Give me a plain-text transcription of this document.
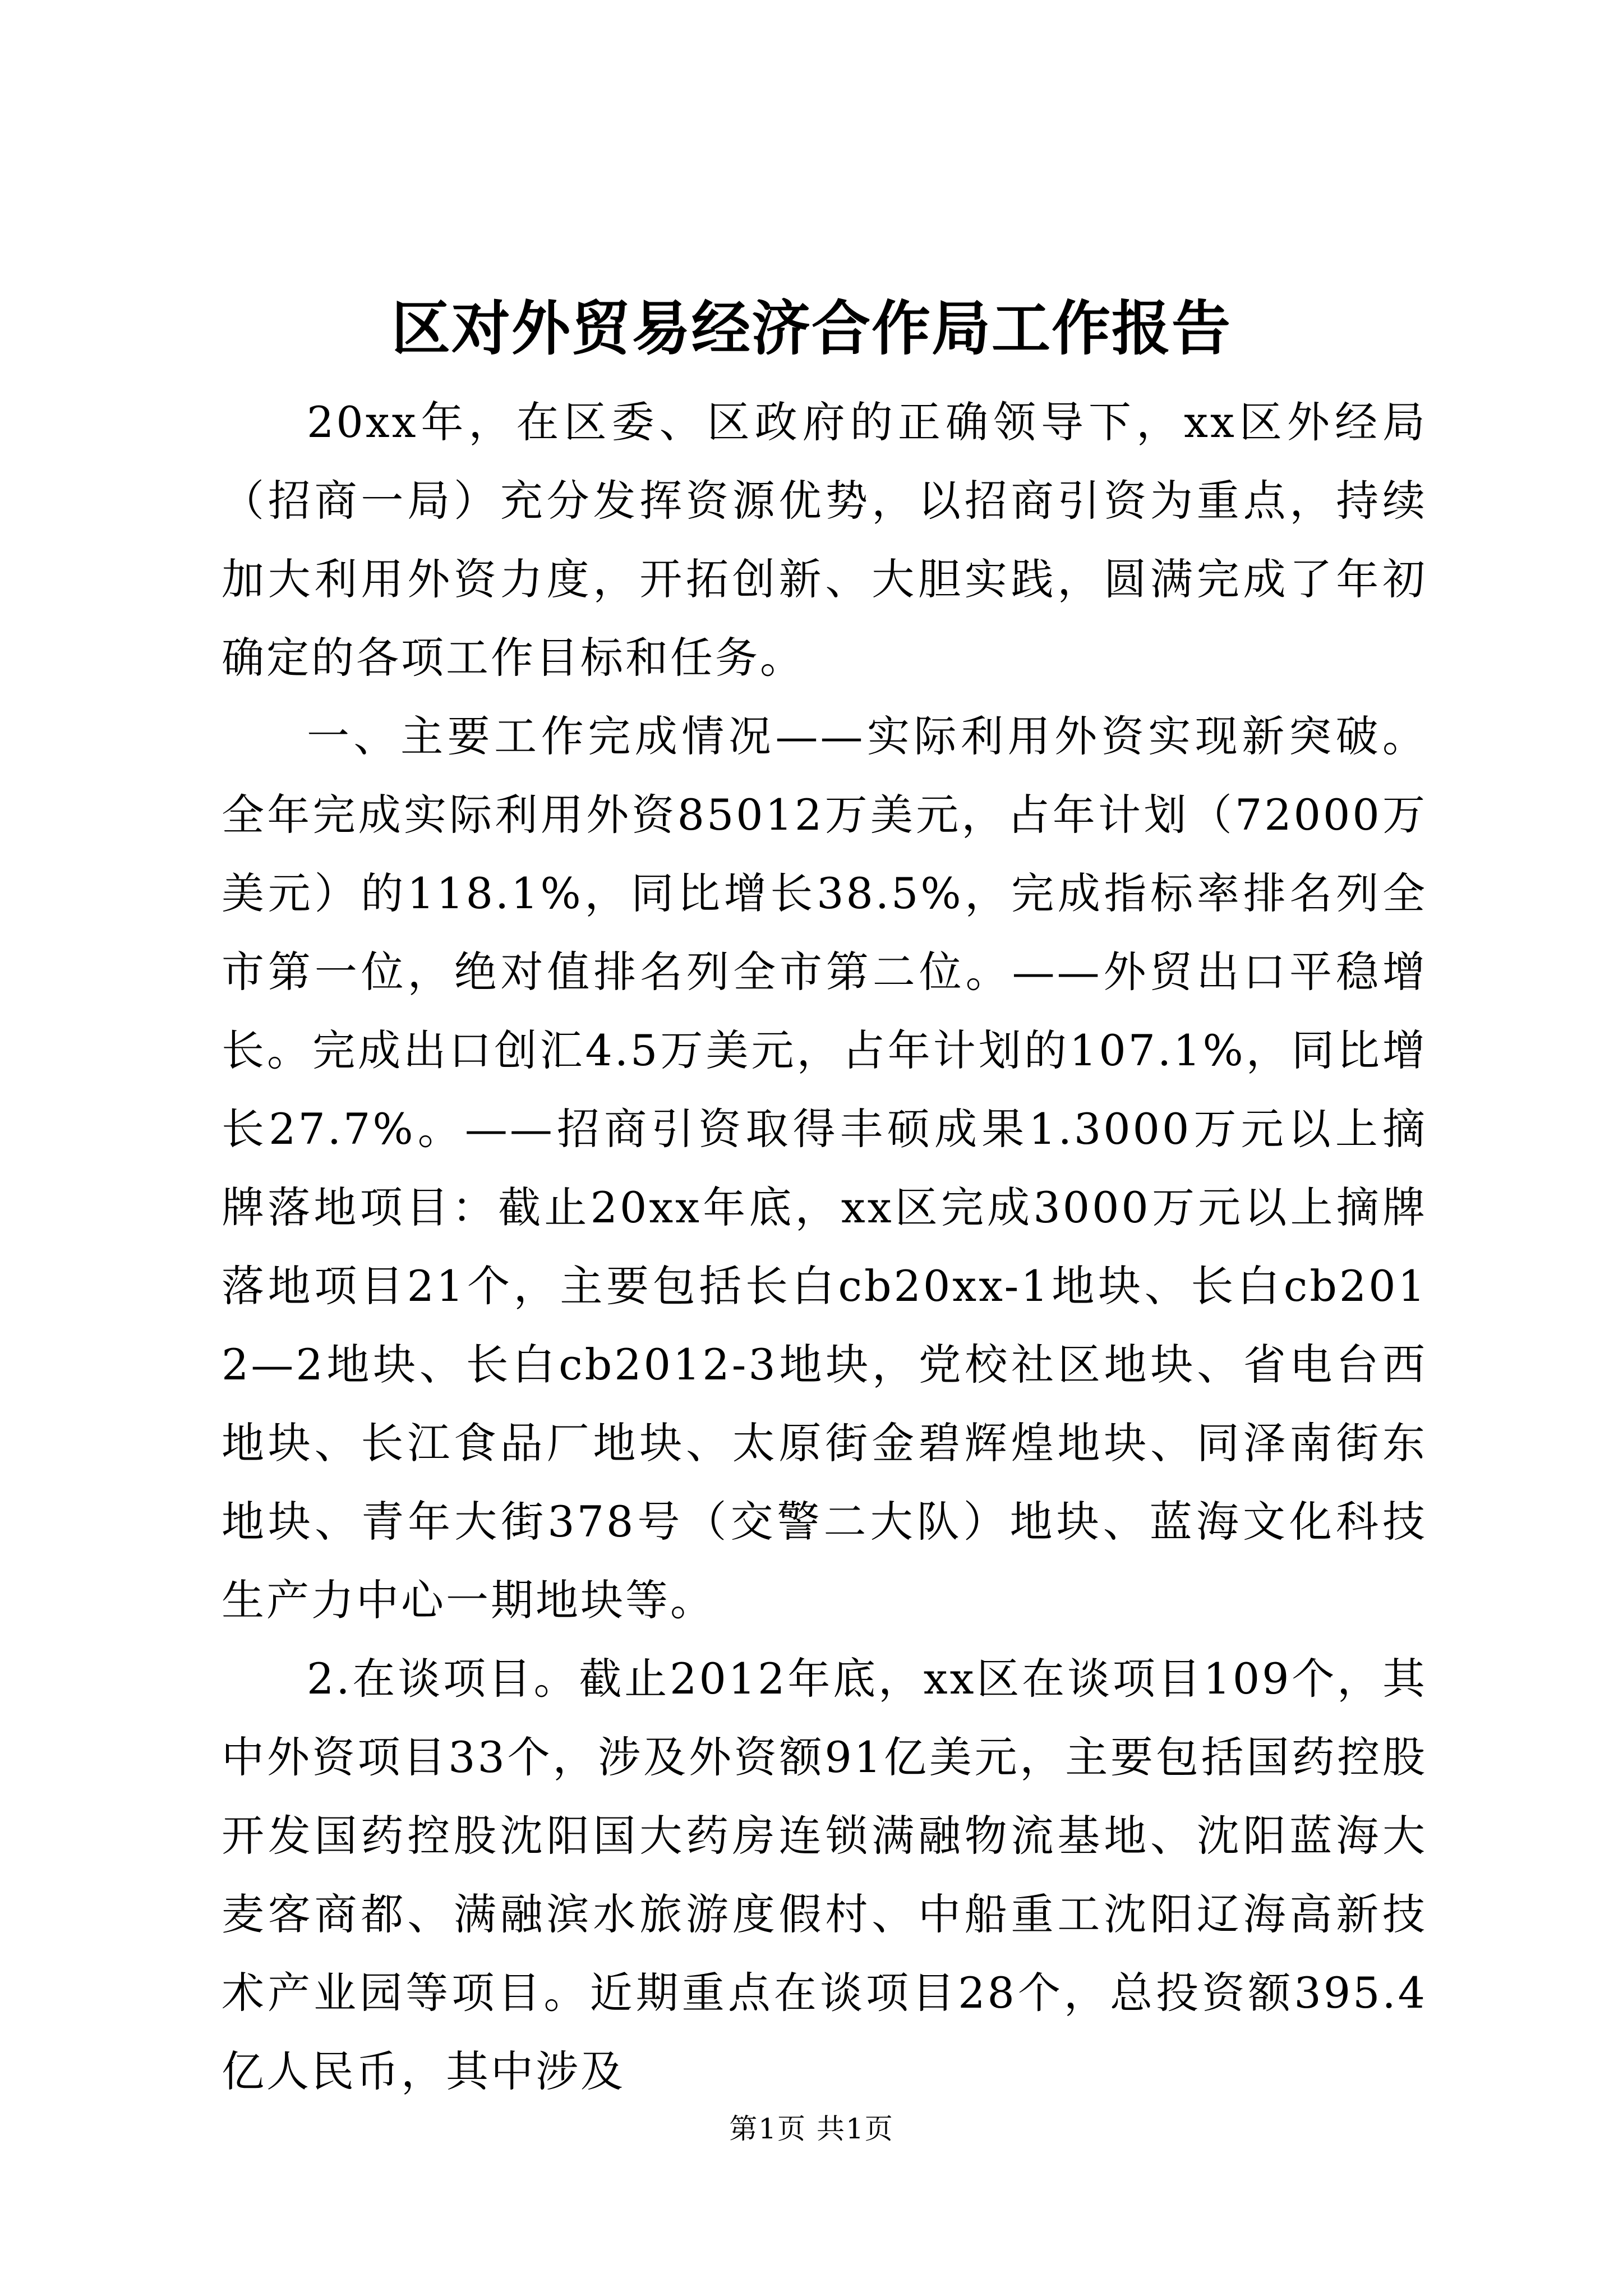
区对外贸易经济合作局工作报告

20xx年，在区委、区政府的正确领导下，xx区外经局（招商一局）充分发挥资源优势，以招商引资为重点，持续加大利用外资力度，开拓创新、大胆实践，圆满完成了年初确定的各项工作目标和任务。

一、主要工作完成情况——实际利用外资实现新突破。全年完成实际利用外资85012万美元，占年计划（72000万美元）的118.1%，同比增长38.5%，完成指标率排名列全市第一位，绝对值排名列全市第二位。——外贸出口平稳增长。完成出口创汇4.5万美元，占年计划的107.1%，同比增长27.7%。——招商引资取得丰硕成果1.3000万元以上摘牌落地项目：截止20xx年底，xx区完成3000万元以上摘牌落地项目21个，主要包括长白cb20xx-1地块、长白cb2012—2地块、长白cb2012-3地块，党校社区地块、省电台西地块、长江食品厂地块、太原街金碧辉煌地块、同泽南街东地块、青年大街378号（交警二大队）地块、蓝海文化科技生产力中心一期地块等。

2.在谈项目。截止2012年底，xx区在谈项目109个，其中外资项目33个，涉及外资额91亿美元，主要包括国药控股开发国药控股沈阳国大药房连锁满融物流基地、沈阳蓝海大麦客商都、满融滨水旅游度假村、中船重工沈阳辽海高新技术产业园等项目。近期重点在谈项目28个，总投资额395.4亿人民币，其中涉及

第1页 共1页
